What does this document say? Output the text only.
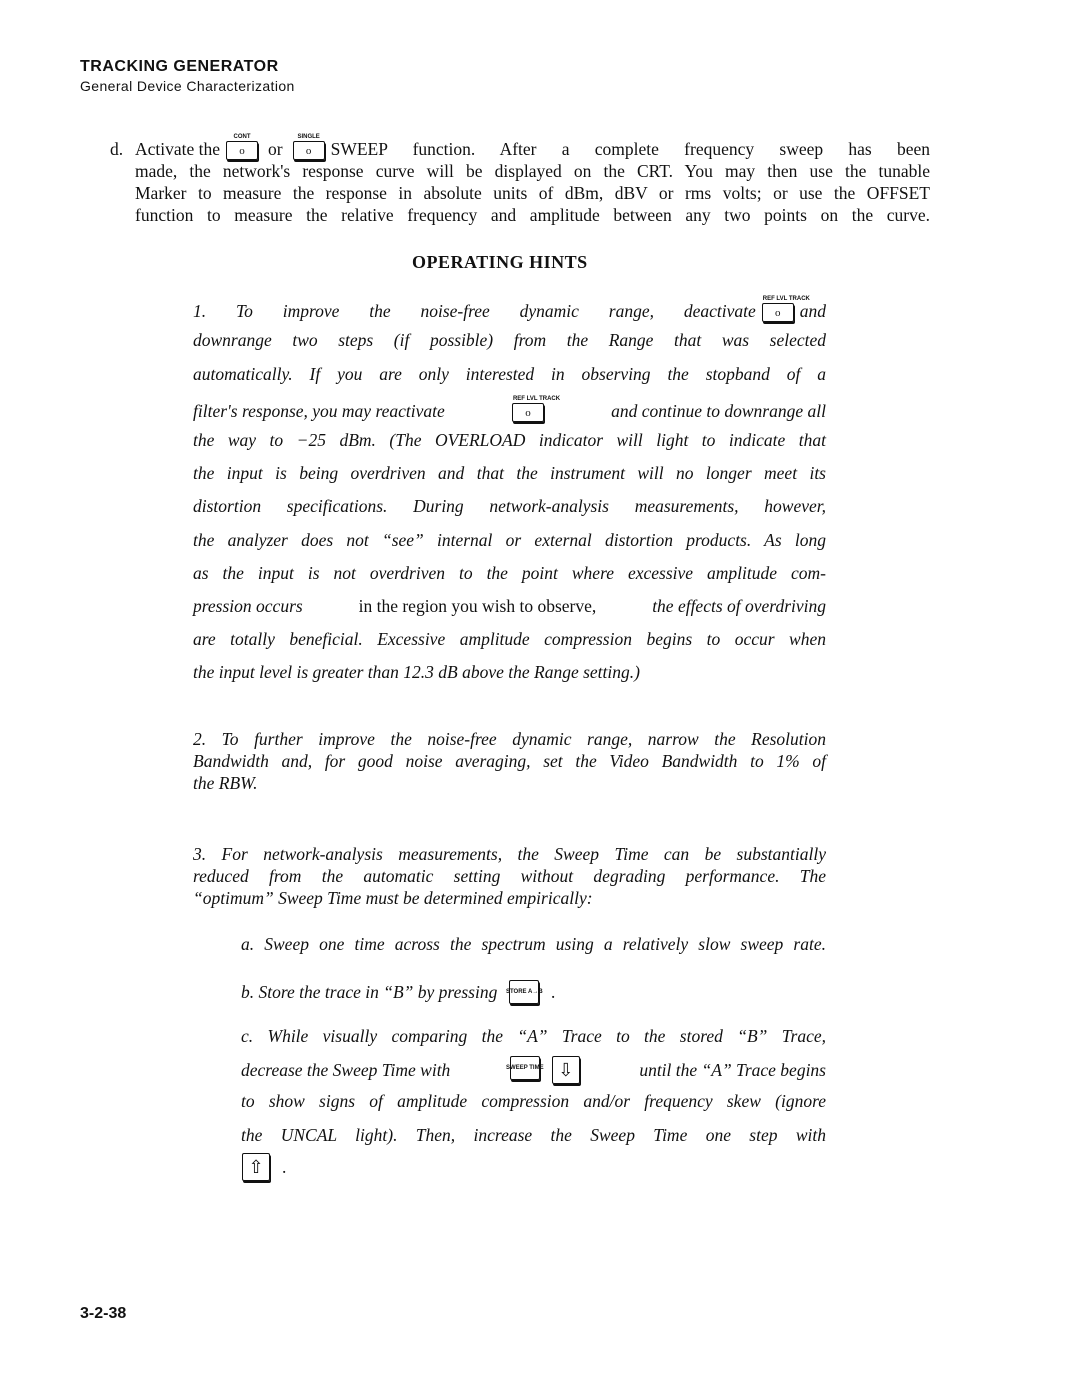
TRACKING GENERATOR
General Device Characterization
d. Activate the
CONT
o	or
SINGLE
o	SWEEP function. After a complete frequency sweep has been
made, the network's response curve will be displayed on the CRT. You may then use the tunable
Marker to measure the response in absolute units of dBm, dBV or rms volts; or use the OFFSET
function to measure the relative frequency and amplitude between any two points on the curve.
OPERATING HINTS
1. To improve the noise-free dynamic range, deactivate
REF LVL TRACK
o	and
downrange two steps (if possible) from the Range that was selected
automatically. If you are only interested in observing the stopband of a
filter's response, you may reactivate
REF LVL TRACK
o	and continue to downrange all
the way to −25 dBm. (The OVERLOAD indicator will light to indicate that
the input is being overdriven and that the instrument will no longer meet its
distortion specifications. During network-analysis measurements, however,
the analyzer does not “see” internal or external distortion products. As long
as the input is not overdriven to the point where excessive amplitude com-
pression occurs	in the region you wish to observe,	the effects of overdriving
are totally beneficial. Excessive amplitude compression begins to occur when
the input level is greater than 12.3 dB above the Range setting.)
2. To further improve the noise-free dynamic range, narrow the Resolution
Bandwidth and, for good noise averaging, set the Video Bandwidth to 1% of
the RBW.
3. For network-analysis measurements, the Sweep Time can be substantially
reduced from the automatic setting without degrading performance. The
“optimum” Sweep Time must be determined empirically:
a. Sweep one time across the spectrum using a relatively slow sweep rate.
b. Store the trace in “B” by pressing STORE A→B .
c. While visually comparing the “A” Trace to the stored “B” Trace,
decrease the Sweep Time with	SWEEP TIME ⇩	until the “A” Trace begins
to show signs of amplitude compression and/or frequency skew (ignore
the UNCAL light). Then, increase the Sweep Time one step with
⇧	.
3-2-38
